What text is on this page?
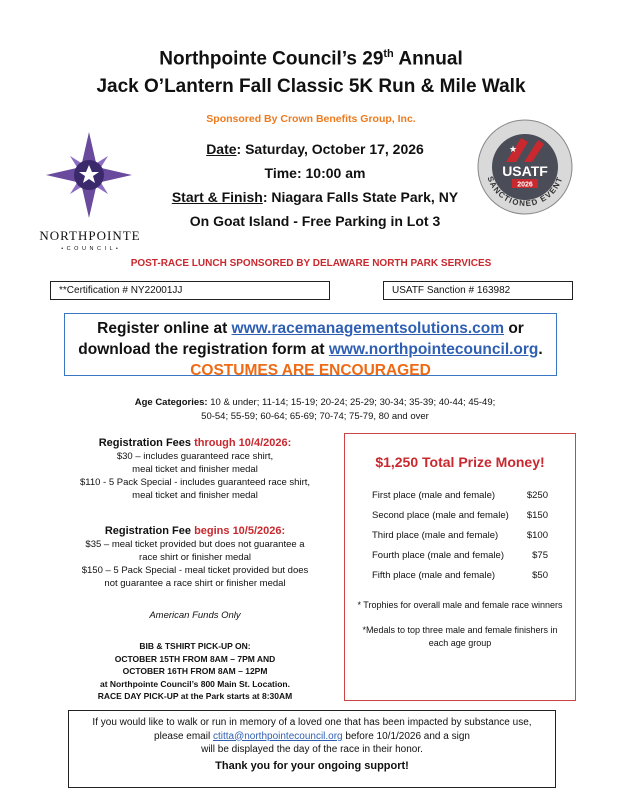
Northpointe Council’s 29th Annual
Jack O’Lantern Fall Classic 5K Run & Mile Walk
Sponsored By Crown Benefits Group, Inc.
NORTHPOINTE
• C O U N C I L •
★
USATF
2026
SANCTIONED EVENT
Date: Saturday, October 17, 2026
Time: 10:00 am
Start & Finish: Niagara Falls State Park, NY
On Goat Island - Free Parking in Lot 3
POST-RACE LUNCH SPONSORED BY DELAWARE NORTH PARK SERVICES
**Certification # NY22001JJ	USATF Sanction # 163982
Register online at www.racemanagementsolutions.com or
download the registration form at www.northpointecouncil.org.
COSTUMES ARE ENCOURAGED
Age Categories: 10 & under; 11-14; 15-19; 20-24; 25-29; 30-34; 35-39; 40-44; 45-49;
50-54; 55-59; 60-64; 65-69; 70-74; 75-79, 80 and over
Registration Fees through 10/4/2026:
$30 – includes guaranteed race shirt,
meal ticket and finisher medal
$110 - 5 Pack Special - includes guaranteed race shirt,
meal ticket and finisher medal
Registration Fee begins 10/5/2026:
$35 – meal ticket provided but does not guarantee a
race shirt or finisher medal
$150 – 5 Pack Special - meal ticket provided but does
not guarantee a race shirt or finisher medal
American Funds Only
BIB & TSHIRT PICK-UP ON:
OCTOBER 15TH FROM 8AM – 7PM AND
OCTOBER 16TH FROM 8AM – 12PM
at Northpointe Council’s 800 Main St. Location.
RACE DAY PICK-UP at the Park starts at 8:30AM
$1,250 Total Prize Money!
First place (male and female)	$250
Second place (male and female) $150
Third place (male and female)	$100
Fourth place (male and female)	$75
Fifth place (male and female)	$50
* Trophies for overall male and female race winners
*Medals to top three male and female finishers in each age group
If you would like to walk or run in memory of a loved one that has been impacted by substance use,
please email ctitta@northpointecouncil.org before 10/1/2026 and a sign
will be displayed the day of the race in their honor.
Thank you for your ongoing support!
